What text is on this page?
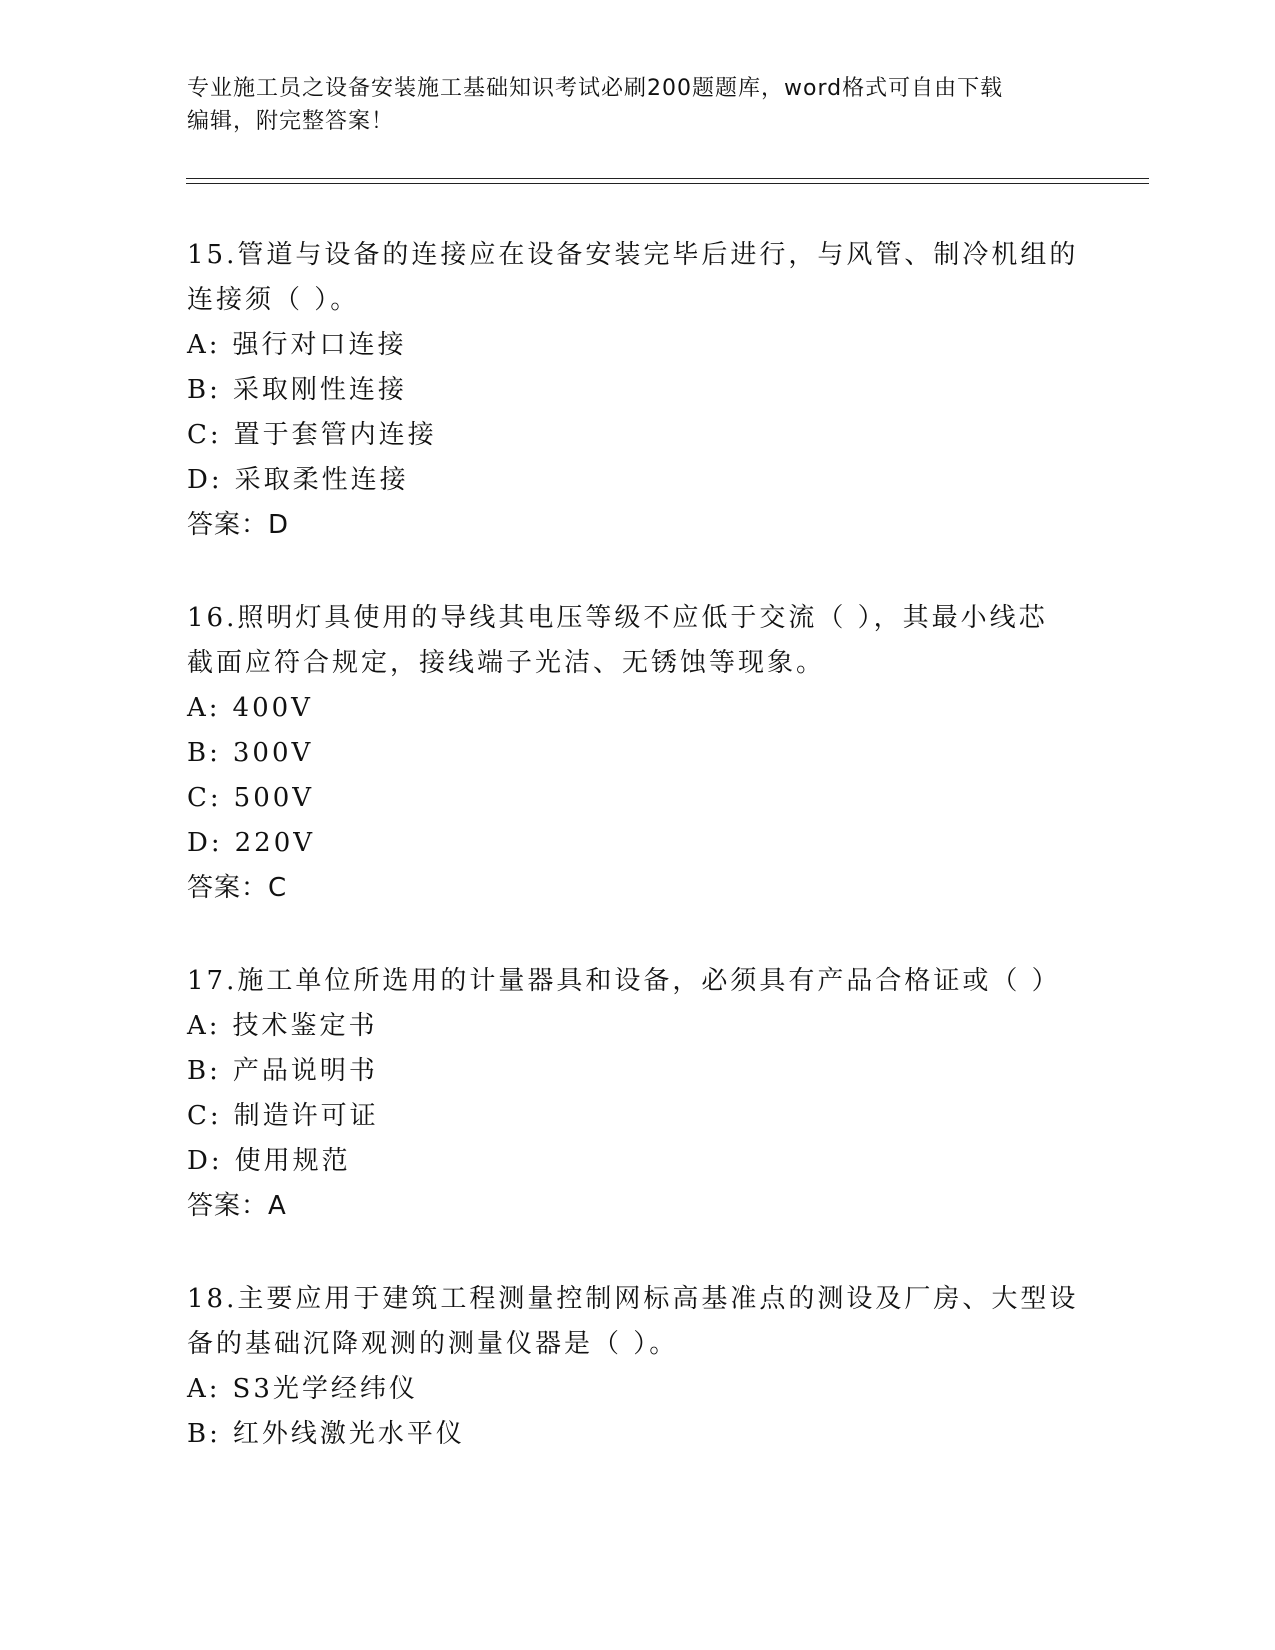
专业施工员之设备安装施工基础知识考试必刷200题题库，word格式可自由下载
编辑，附完整答案！
15.管道与设备的连接应在设备安装完毕后进行，与风管、制冷机组的
连接须（ ）。
A: 强行对口连接
B: 采取刚性连接
C: 置于套管内连接
D: 采取柔性连接
答案：D
16.照明灯具使用的导线其电压等级不应低于交流（ ），其最小线芯
截面应符合规定，接线端子光洁、无锈蚀等现象。
A: 400V
B: 300V
C: 500V
D: 220V
答案：C
17.施工单位所选用的计量器具和设备，必须具有产品合格证或（ ）
A: 技术鉴定书
B: 产品说明书
C: 制造许可证
D: 使用规范
答案：A
18.主要应用于建筑工程测量控制网标高基准点的测设及厂房、大型设
备的基础沉降观测的测量仪器是（ ）。
A: S3光学经纬仪
B: 红外线激光水平仪
